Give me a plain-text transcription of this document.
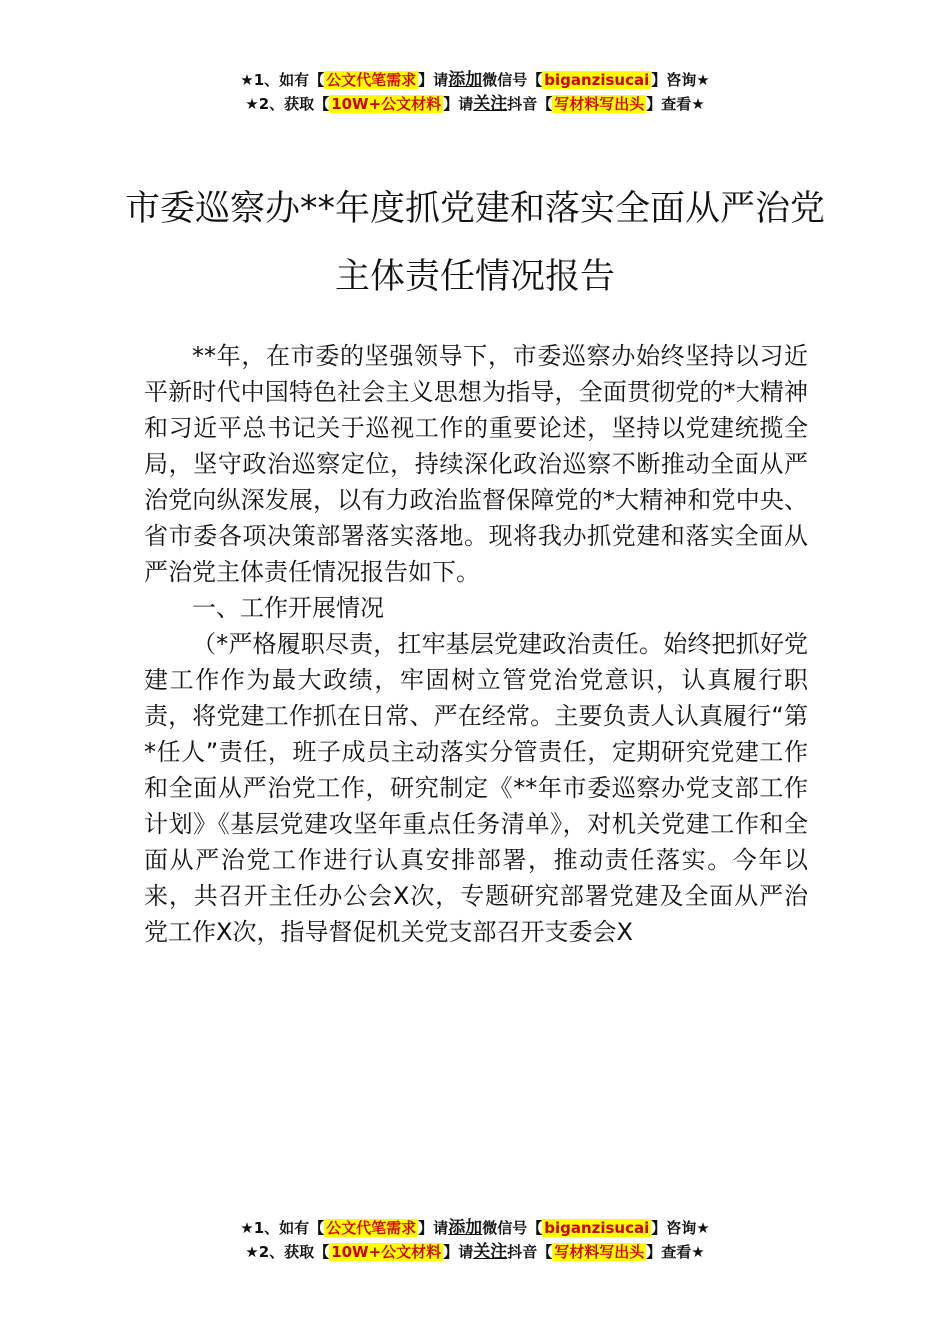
★1、如有【 公文代笔需求 】请添加微信号【 biganzisucai 】咨询★
★2、获取【 10W+公文材料 】请关注抖音【 写材料写出头 】查看★
市委巡察办**年度抓党建和落实全面从严治党主体责任情况报告

**年，在市委的坚强领导下，市委巡察办始终坚持以习近平新时代中国特色社会主义思想为指导，全面贯彻党的*大精神和习近平总书记关于巡视工作的重要论述，坚持以党建统揽全局，坚守政治巡察定位，持续深化政治巡察不断推动全面从严治党向纵深发展，以有力政治监督保障党的*大精神和党中央、省市委各项决策部署落实落地。现将我办抓党建和落实全面从严治党主体责任情况报告如下。

一、工作开展情况

（*严格履职尽责，扛牢基层党建政治责任。始终把抓好党建工作作为最大政绩，牢固树立管党治党意识，认真履行职责，将党建工作抓在日常、严在经常。主要负责人认真履行“第*任人”责任，班子成员主动落实分管责任，定期研究党建工作和全面从严治党工作，研究制定《**年市委巡察办党支部工作计划》《基层党建攻坚年重点任务清单》，对机关党建工作和全面从严治党工作进行认真安排部署，推动责任落实。今年以来，共召开主任办公会X次，专题研究部署党建及全面从严治党工作X次，指导督促机关党支部召开支委会X

★1、如有【 公文代笔需求 】请添加微信号【 biganzisucai 】咨询★
★2、获取【 10W+公文材料 】请关注抖音【 写材料写出头 】查看★
